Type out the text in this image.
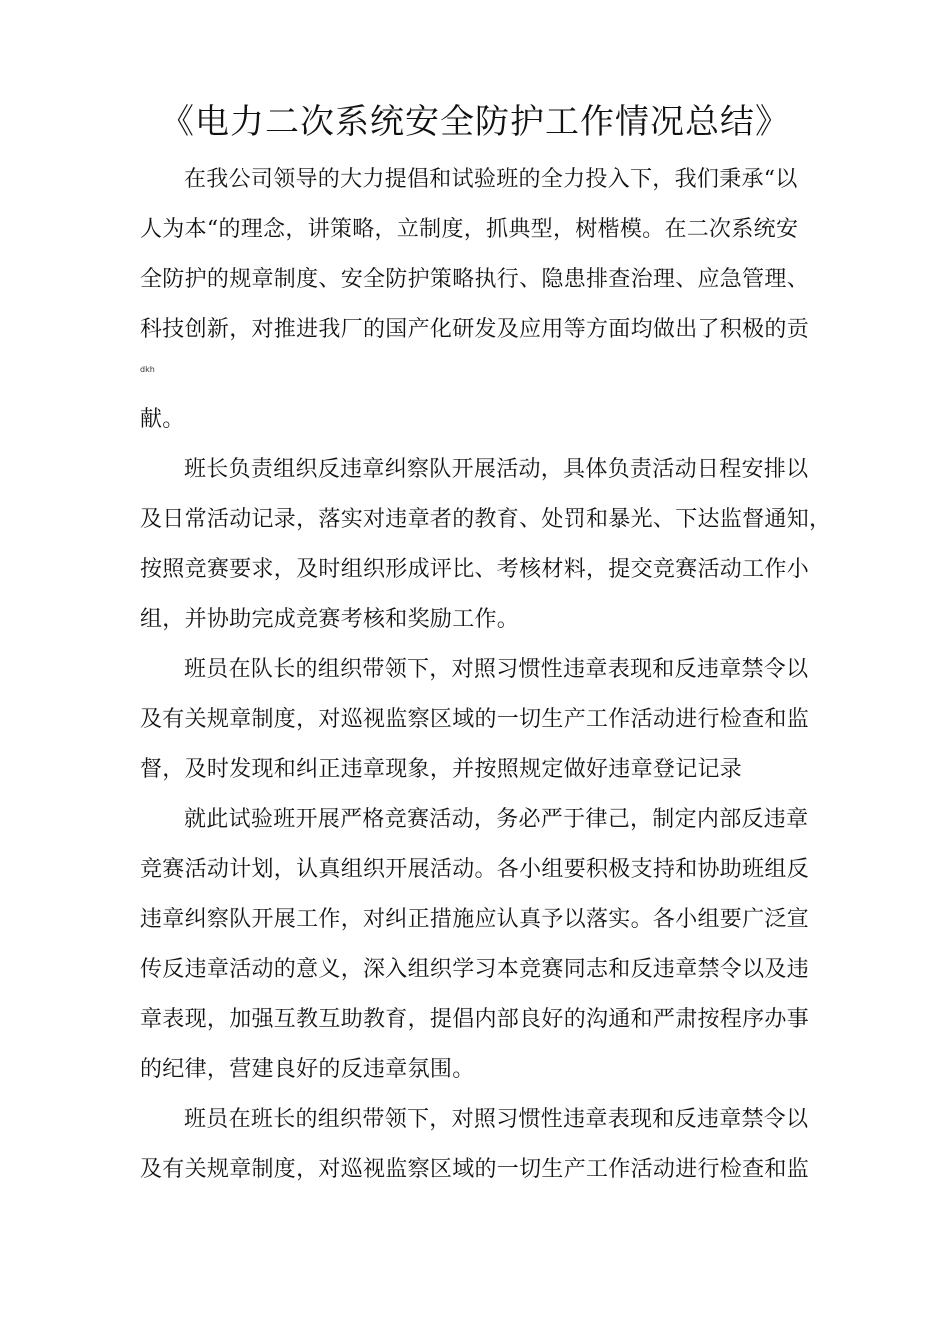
《电力二次系统安全防护工作情况总结》
在我公司领导的大力提倡和试验班的全力投入下，我们秉承“以
人为本“的理念，讲策略，立制度，抓典型，树楷模。在二次系统安
全防护的规章制度、安全防护策略执行、隐患排查治理、应急管理、
科技创新，对推进我厂的国产化研发及应用等方面均做出了积极的贡
dkh
献。
班长负责组织反违章纠察队开展活动，具体负责活动日程安排以
及日常活动记录，落实对违章者的教育、处罚和暴光、下达监督通知，
按照竞赛要求，及时组织形成评比、考核材料，提交竞赛活动工作小
组，并协助完成竞赛考核和奖励工作。
班员在队长的组织带领下，对照习惯性违章表现和反违章禁令以
及有关规章制度，对巡视监察区域的一切生产工作活动进行检查和监
督，及时发现和纠正违章现象，并按照规定做好违章登记记录
就此试验班开展严格竞赛活动，务必严于律己，制定内部反违章
竞赛活动计划，认真组织开展活动。各小组要积极支持和协助班组反
违章纠察队开展工作，对纠正措施应认真予以落实。各小组要广泛宣
传反违章活动的意义，深入组织学习本竞赛同志和反违章禁令以及违
章表现，加强互教互助教育，提倡内部良好的沟通和严肃按程序办事
的纪律，营建良好的反违章氛围。
班员在班长的组织带领下，对照习惯性违章表现和反违章禁令以
及有关规章制度，对巡视监察区域的一切生产工作活动进行检查和监
